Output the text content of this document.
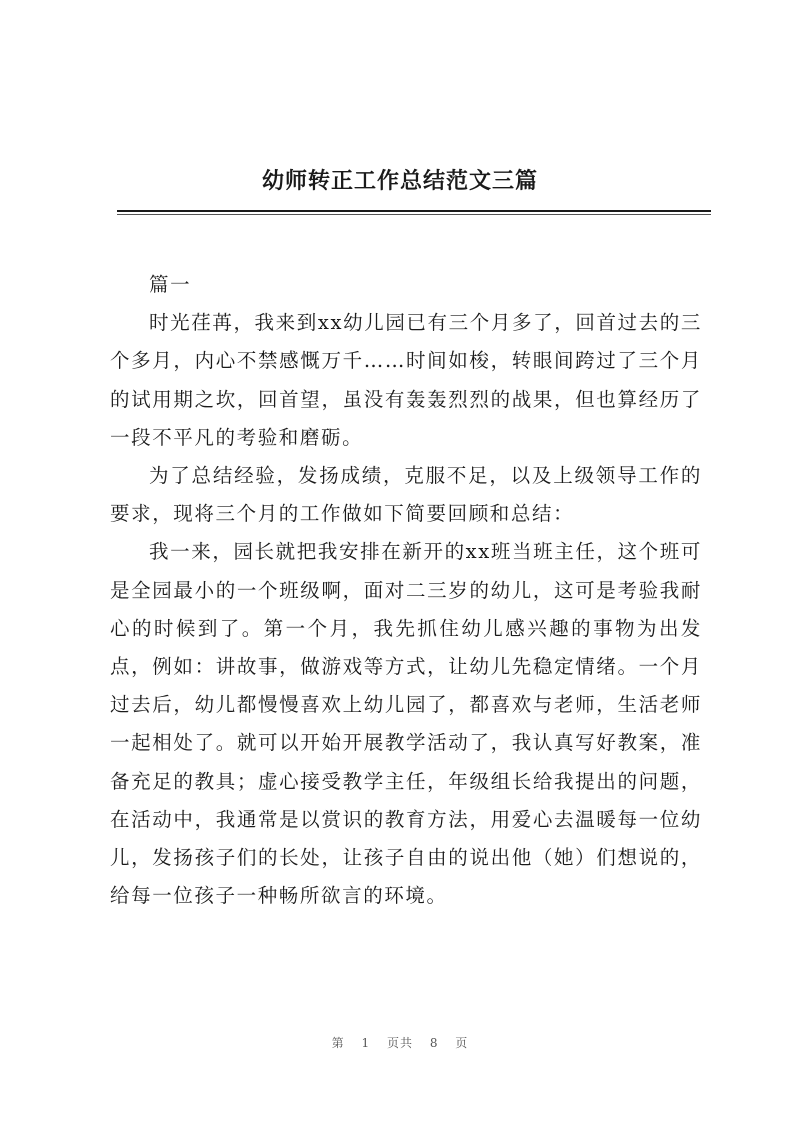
幼师转正工作总结范文三篇

篇一

时光荏苒，我来到xx幼儿园已有三个月多了，回首过去的三个多月，内心不禁感慨万千……时间如梭，转眼间跨过了三个月的试用期之坎，回首望，虽没有轰轰烈烈的战果，但也算经历了一段不平凡的考验和磨砺。

为了总结经验，发扬成绩，克服不足，以及上级领导工作的要求，现将三个月的工作做如下简要回顾和总结：

我一来，园长就把我安排在新开的xx班当班主任，这个班可是全园最小的一个班级啊，面对二三岁的幼儿，这可是考验我耐心的时候到了。第一个月，我先抓住幼儿感兴趣的事物为出发点，例如：讲故事，做游戏等方式，让幼儿先稳定情绪。一个月过去后，幼儿都慢慢喜欢上幼儿园了，都喜欢与老师，生活老师一起相处了。就可以开始开展教学活动了，我认真写好教案，准备充足的教具；虚心接受教学主任，年级组长给我提出的问题，在活动中，我通常是以赏识的教育方法，用爱心去温暖每一位幼儿，发扬孩子们的长处，让孩子自由的说出他（她）们想说的，给每一位孩子一种畅所欲言的环境。

第 1 页共 8 页
